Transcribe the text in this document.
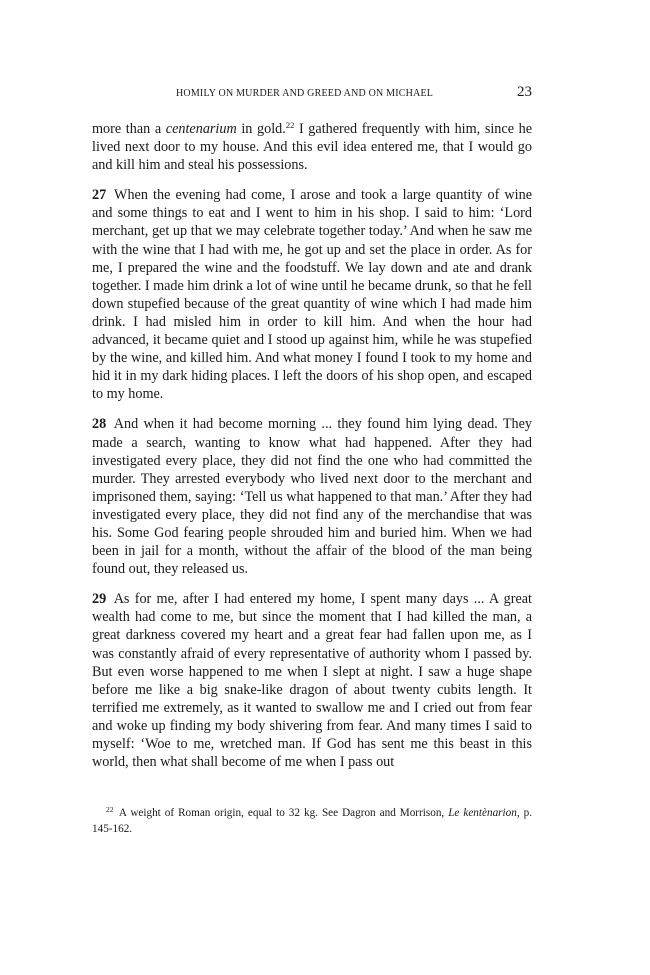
HOMILY ON MURDER AND GREED AND ON MICHAEL	23

more than a centenarium in gold.$^{22}$ I gathered frequently with him, since he lived next door to my house. And this evil idea entered me, that I would go and kill him and steal his possessions.

27 When the evening had come, I arose and took a large quantity of wine and some things to eat and I went to him in his shop. I said to him: ‘Lord merchant, get up that we may celebrate together today.’ And when he saw me with the wine that I had with me, he got up and set the place in order. As for me, I prepared the wine and the foodstuff. We lay down and ate and drank together. I made him drink a lot of wine until he became drunk, so that he fell down stupefied because of the great quantity of wine which I had made him drink. I had misled him in order to kill him. And when the hour had advanced, it became quiet and I stood up against him, while he was stupefied by the wine, and killed him. And what money I found I took to my home and hid it in my dark hiding places. I left the doors of his shop open, and escaped to my home.

28 And when it had become morning ... they found him lying dead. They made a search, wanting to know what had happened. After they had investigated every place, they did not find the one who had committed the murder. They arrested everybody who lived next door to the merchant and imprisoned them, saying: ‘Tell us what happened to that man.’ After they had investigated every place, they did not find any of the merchandise that was his. Some God fearing people shrouded him and buried him. When we had been in jail for a month, without the affair of the blood of the man being found out, they released us.

29 As for me, after I had entered my home, I spent many days ... A great wealth had come to me, but since the moment that I had killed the man, a great darkness covered my heart and a great fear had fallen upon me, as I was constantly afraid of every representative of authority whom I passed by. But even worse happened to me when I slept at night. I saw a huge shape before me like a big snake-like dragon of about twenty cubits length. It terrified me extremely, as it wanted to swallow me and I cried out from fear and woke up finding my body shivering from fear. And many times I said to myself: ‘Woe to me, wretched man. If God has sent me this beast in this world, then what shall become of me when I pass out

$^{22}$ A weight of Roman origin, equal to 32 kg. See Dagron and Morrison, Le kentènarion, p. 145-162.
